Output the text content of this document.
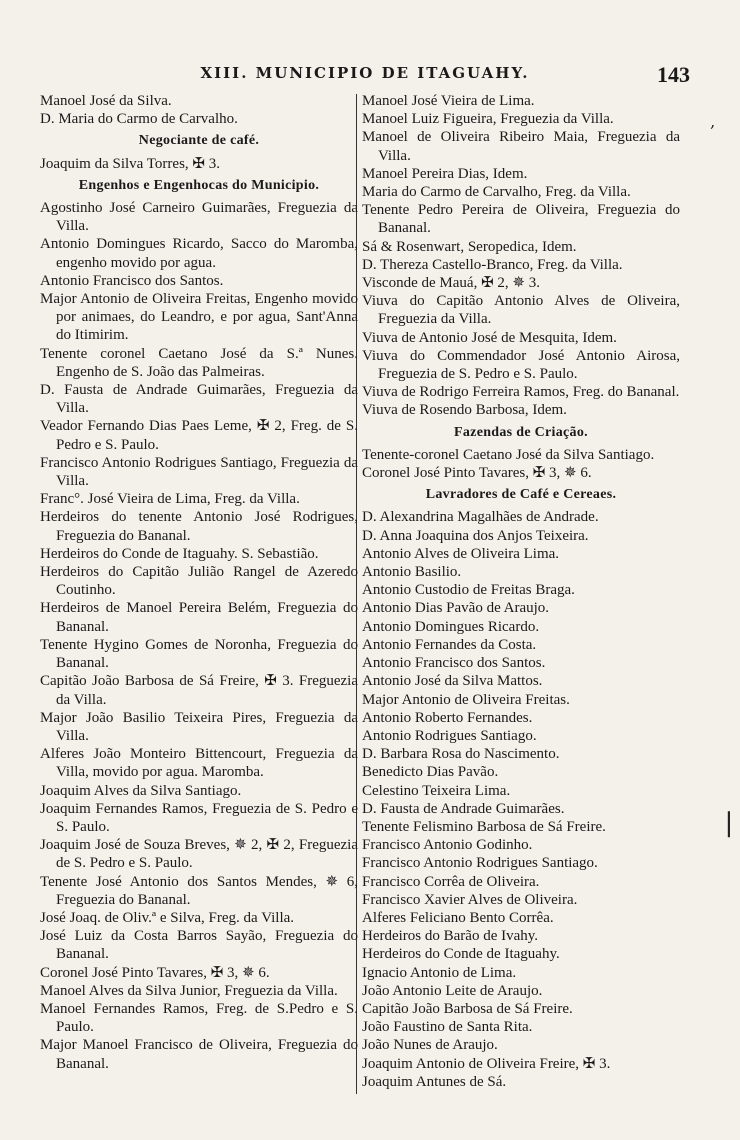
XIII. MUNICIPIO DE ITAGUAHY.	143

Manoel José da Silva.

D. Maria do Carmo de Carvalho.

Negociante de café.

Joaquim da Silva Torres, ✠ 3.

Engenhos e Engenhocas do Municipio.

Agostinho José Carneiro Guimarães, Freguezia da Villa.

Antonio Domingues Ricardo, Sacco do Maromba, engenho movido por agua.

Antonio Francisco dos Santos.

Major Antonio de Oliveira Freitas, Engenho movido por animaes, do Leandro, e por agua, Sant'Anna do Itimirim.

Tenente coronel Caetano José da S.ª Nunes. Engenho de S. João das Palmeiras.

D. Fausta de Andrade Guimarães, Freguezia da Villa.

Veador Fernando Dias Paes Leme, ✠ 2, Freg. de S. Pedro e S. Paulo.

Francisco Antonio Rodrigues Santiago, Freguezia da Villa.

Franc°. José Vieira de Lima, Freg. da Villa.

Herdeiros do tenente Antonio José Rodrigues, Freguezia do Bananal.

Herdeiros do Conde de Itaguahy. S. Sebastião.

Herdeiros do Capitão Julião Rangel de Azeredo Coutinho.

Herdeiros de Manoel Pereira Belém, Freguezia do Bananal.

Tenente Hygino Gomes de Noronha, Freguezia do Bananal.

Capitão João Barbosa de Sá Freire, ✠ 3. Freguezia da Villa.

Major João Basilio Teixeira Pires, Freguezia da Villa.

Alferes João Monteiro Bittencourt, Freguezia da Villa, movido por agua. Maromba.

Joaquim Alves da Silva Santiago.

Joaquim Fernandes Ramos, Freguezia de S. Pedro e S. Paulo.

Joaquim José de Souza Breves, ✵ 2, ✠ 2, Freguezia de S. Pedro e S. Paulo.

Tenente José Antonio dos Santos Mendes, ✵ 6, Freguezia do Bananal.

José Joaq. de Oliv.ª e Silva, Freg. da Villa.

José Luiz da Costa Barros Sayão, Freguezia do Bananal.

Coronel José Pinto Tavares, ✠ 3, ✵ 6.

Manoel Alves da Silva Junior, Freguezia da Villa.

Manoel Fernandes Ramos, Freg. de S.Pedro e S. Paulo.

Major Manoel Francisco de Oliveira, Freguezia do Bananal.

Manoel José Vieira de Lima.

Manoel Luiz Figueira, Freguezia da Villa.

Manoel de Oliveira Ribeiro Maia, Freguezia da Villa.

Manoel Pereira Dias, Idem.

Maria do Carmo de Carvalho, Freg. da Villa.

Tenente Pedro Pereira de Oliveira, Freguezia do Bananal.

Sá & Rosenwart, Seropedica, Idem.

D. Thereza Castello-Branco, Freg. da Villa.

Visconde de Mauá, ✠ 2, ✵ 3.

Viuva do Capitão Antonio Alves de Oliveira, Freguezia da Villa.

Viuva de Antonio José de Mesquita, Idem.

Viuva do Commendador José Antonio Airosa, Freguezia de S. Pedro e S. Paulo.

Viuva de Rodrigo Ferreira Ramos, Freg. do Bananal.

Viuva de Rosendo Barbosa, Idem.

Fazendas de Criação.

Tenente-coronel Caetano José da Silva Santiago.

Coronel José Pinto Tavares, ✠ 3, ✵ 6.

Lavradores de Café e Cereaes.

D. Alexandrina Magalhães de Andrade.

D. Anna Joaquina dos Anjos Teixeira.

Antonio Alves de Oliveira Lima.

Antonio Basilio.

Antonio Custodio de Freitas Braga.

Antonio Dias Pavão de Araujo.

Antonio Domingues Ricardo.

Antonio Fernandes da Costa.

Antonio Francisco dos Santos.

Antonio José da Silva Mattos.

Major Antonio de Oliveira Freitas.

Antonio Roberto Fernandes.

Antonio Rodrigues Santiago.

D. Barbara Rosa do Nascimento.

Benedicto Dias Pavão.

Celestino Teixeira Lima.

D. Fausta de Andrade Guimarães.

Tenente Felismino Barbosa de Sá Freire.

Francisco Antonio Godinho.

Francisco Antonio Rodrigues Santiago.

Francisco Corrêa de Oliveira.

Francisco Xavier Alves de Oliveira.

Alferes Feliciano Bento Corrêa.

Herdeiros do Barão de Ivahy.

Herdeiros do Conde de Itaguahy.

Ignacio Antonio de Lima.

João Antonio Leite de Araujo.

Capitão João Barbosa de Sá Freire.

João Faustino de Santa Rita.

João Nunes de Araujo.

Joaquim Antonio de Oliveira Freire, ✠ 3.

Joaquim Antunes de Sá.

‚
❘
